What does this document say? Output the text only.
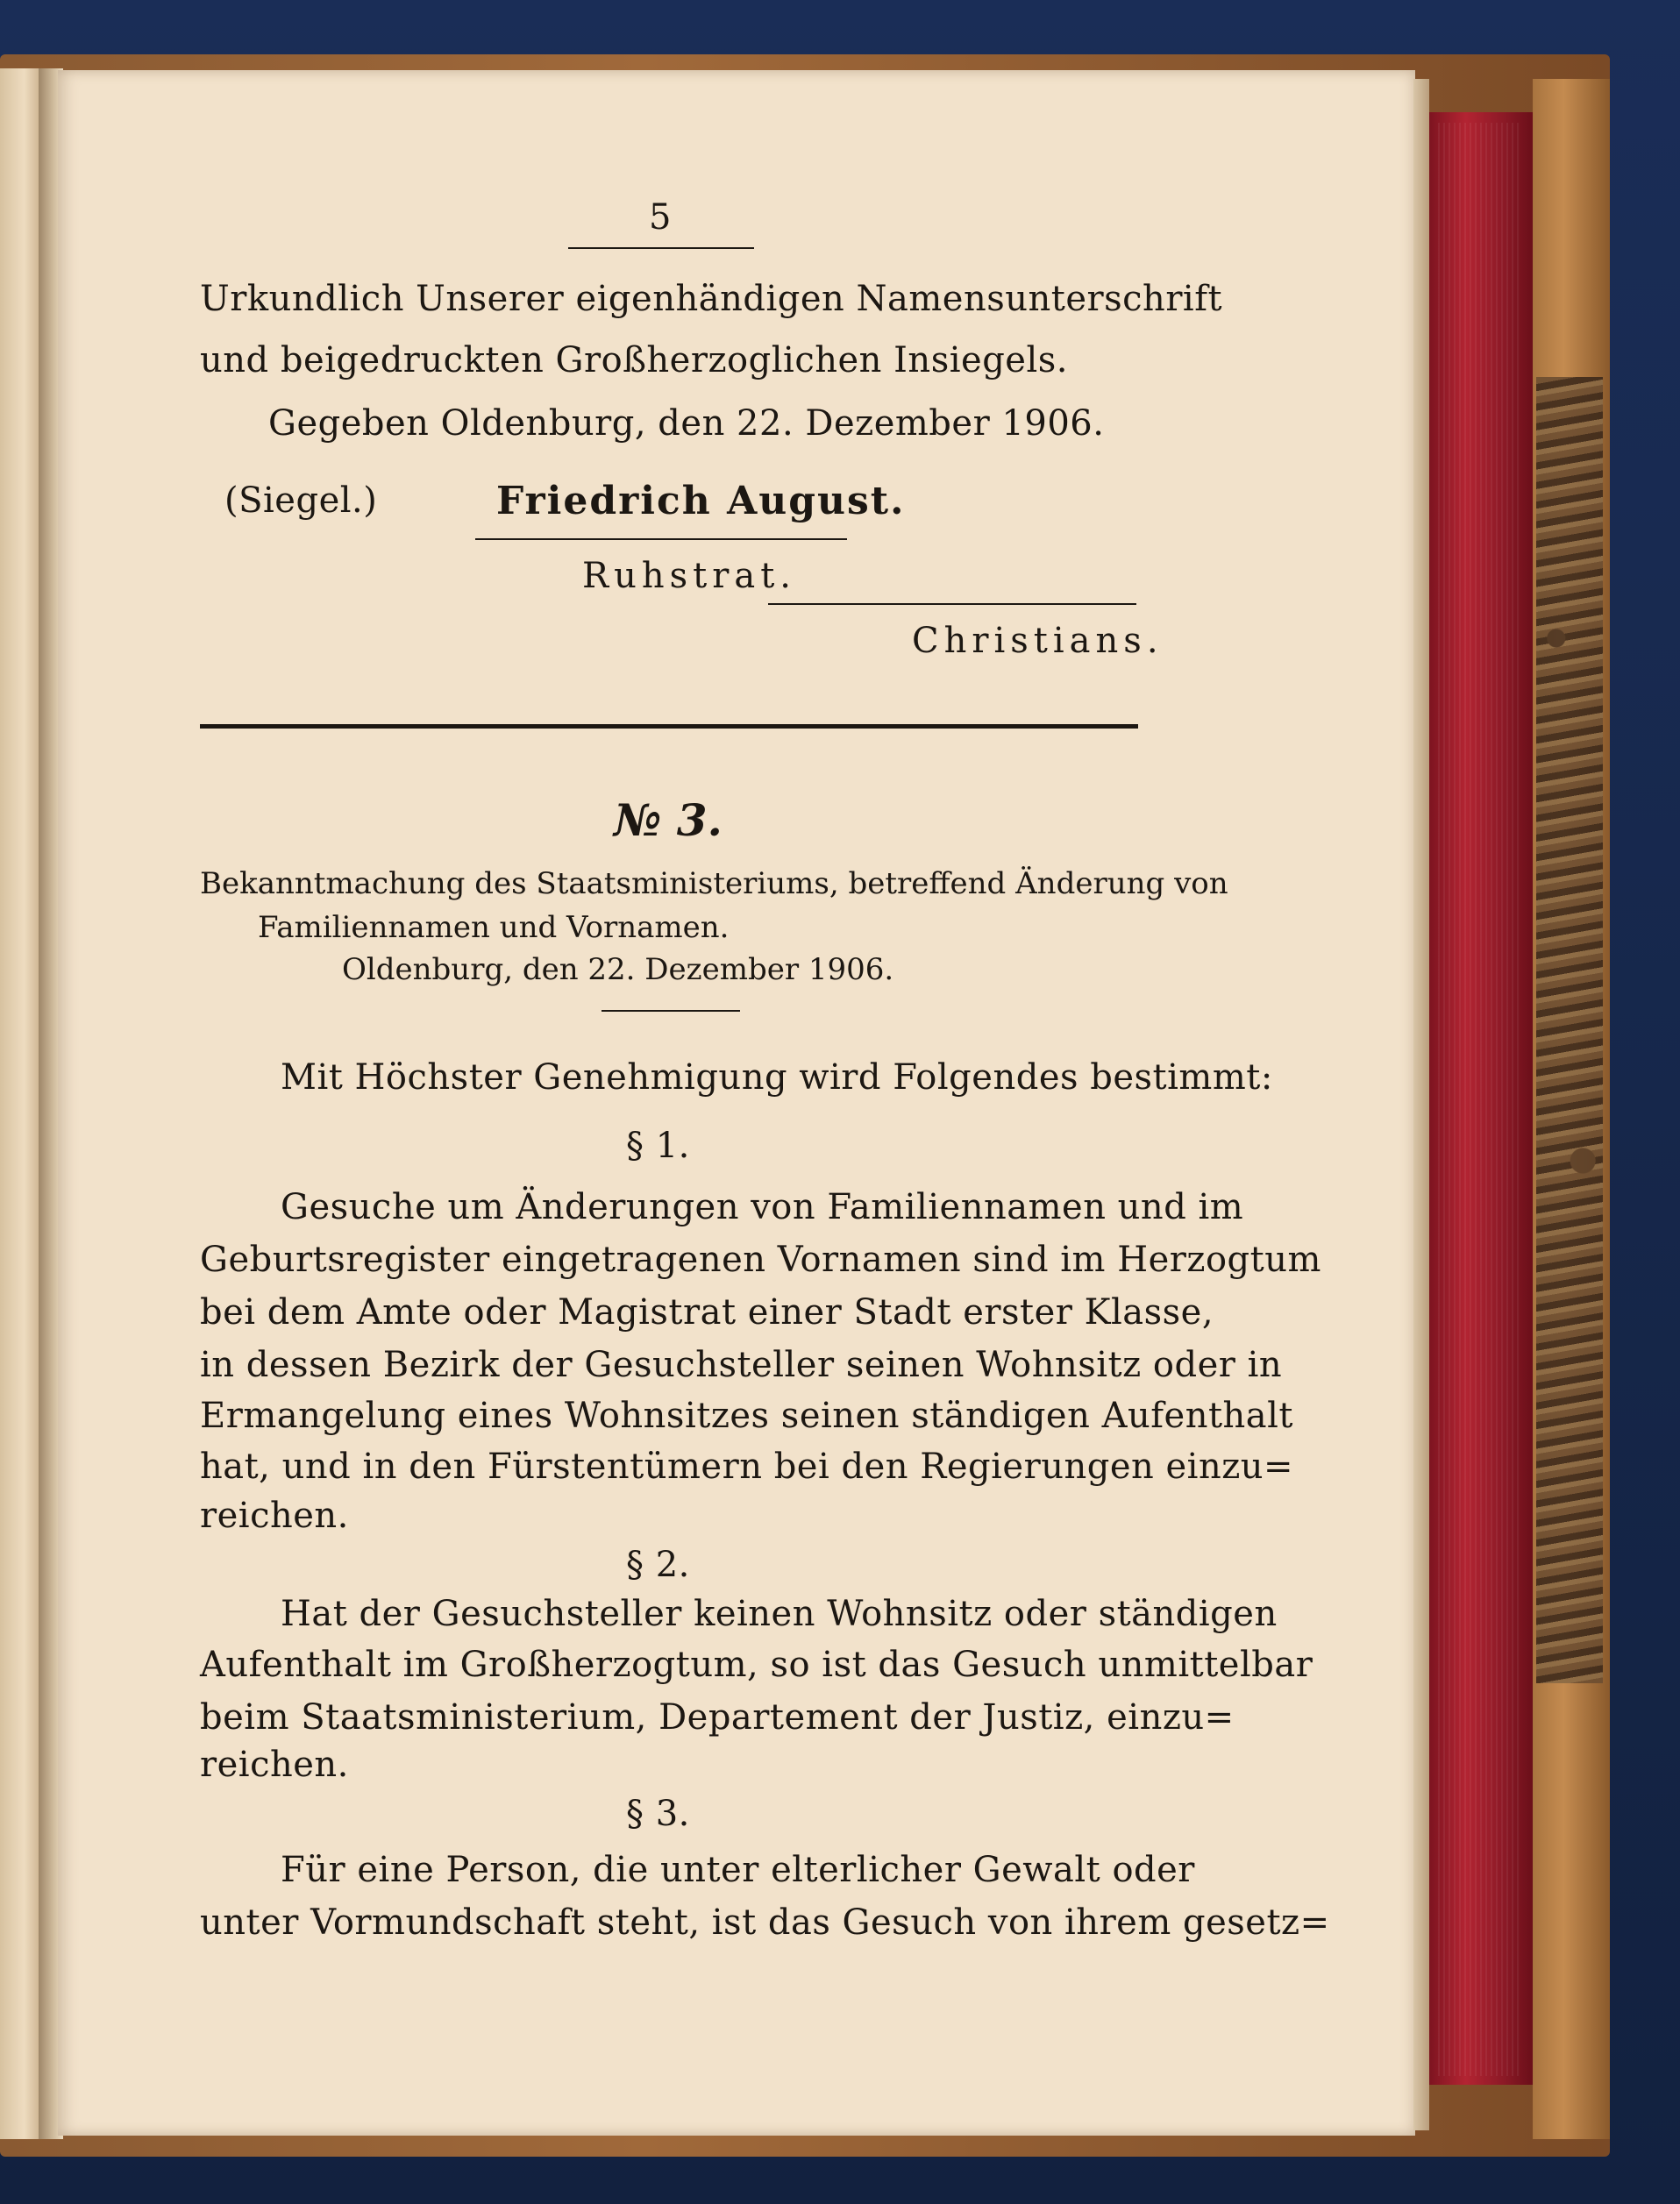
5
Urkundlich Unserer eigenhändigen Namensunterschrift
und beigedruckten Großherzoglichen Insiegels.
Gegeben Oldenburg, den 22. Dezember 1906.
(Siegel.)	Friedrich August.
Ruhstrat.
Christians.
№ 3.
Bekanntmachung des Staatsministeriums, betreffend Änderung von
Familiennamen und Vornamen.
Oldenburg, den 22. Dezember 1906.
Mit Höchster Genehmigung wird Folgendes bestimmt:
§ 1.
Gesuche um Änderungen von Familiennamen und im
Geburtsregister eingetragenen Vornamen sind im Herzogtum
bei dem Amte oder Magistrat einer Stadt erster Klasse,
in dessen Bezirk der Gesuchsteller seinen Wohnsitz oder in
Ermangelung eines Wohnsitzes seinen ständigen Aufenthalt
hat, und in den Fürstentümern bei den Regierungen einzu=
reichen.
§ 2.
Hat der Gesuchsteller keinen Wohnsitz oder ständigen
Aufenthalt im Großherzogtum, so ist das Gesuch unmittelbar
beim Staatsministerium, Departement der Justiz, einzu=
reichen.
§ 3.
Für eine Person, die unter elterlicher Gewalt oder
unter Vormundschaft steht, ist das Gesuch von ihrem gesetz=
